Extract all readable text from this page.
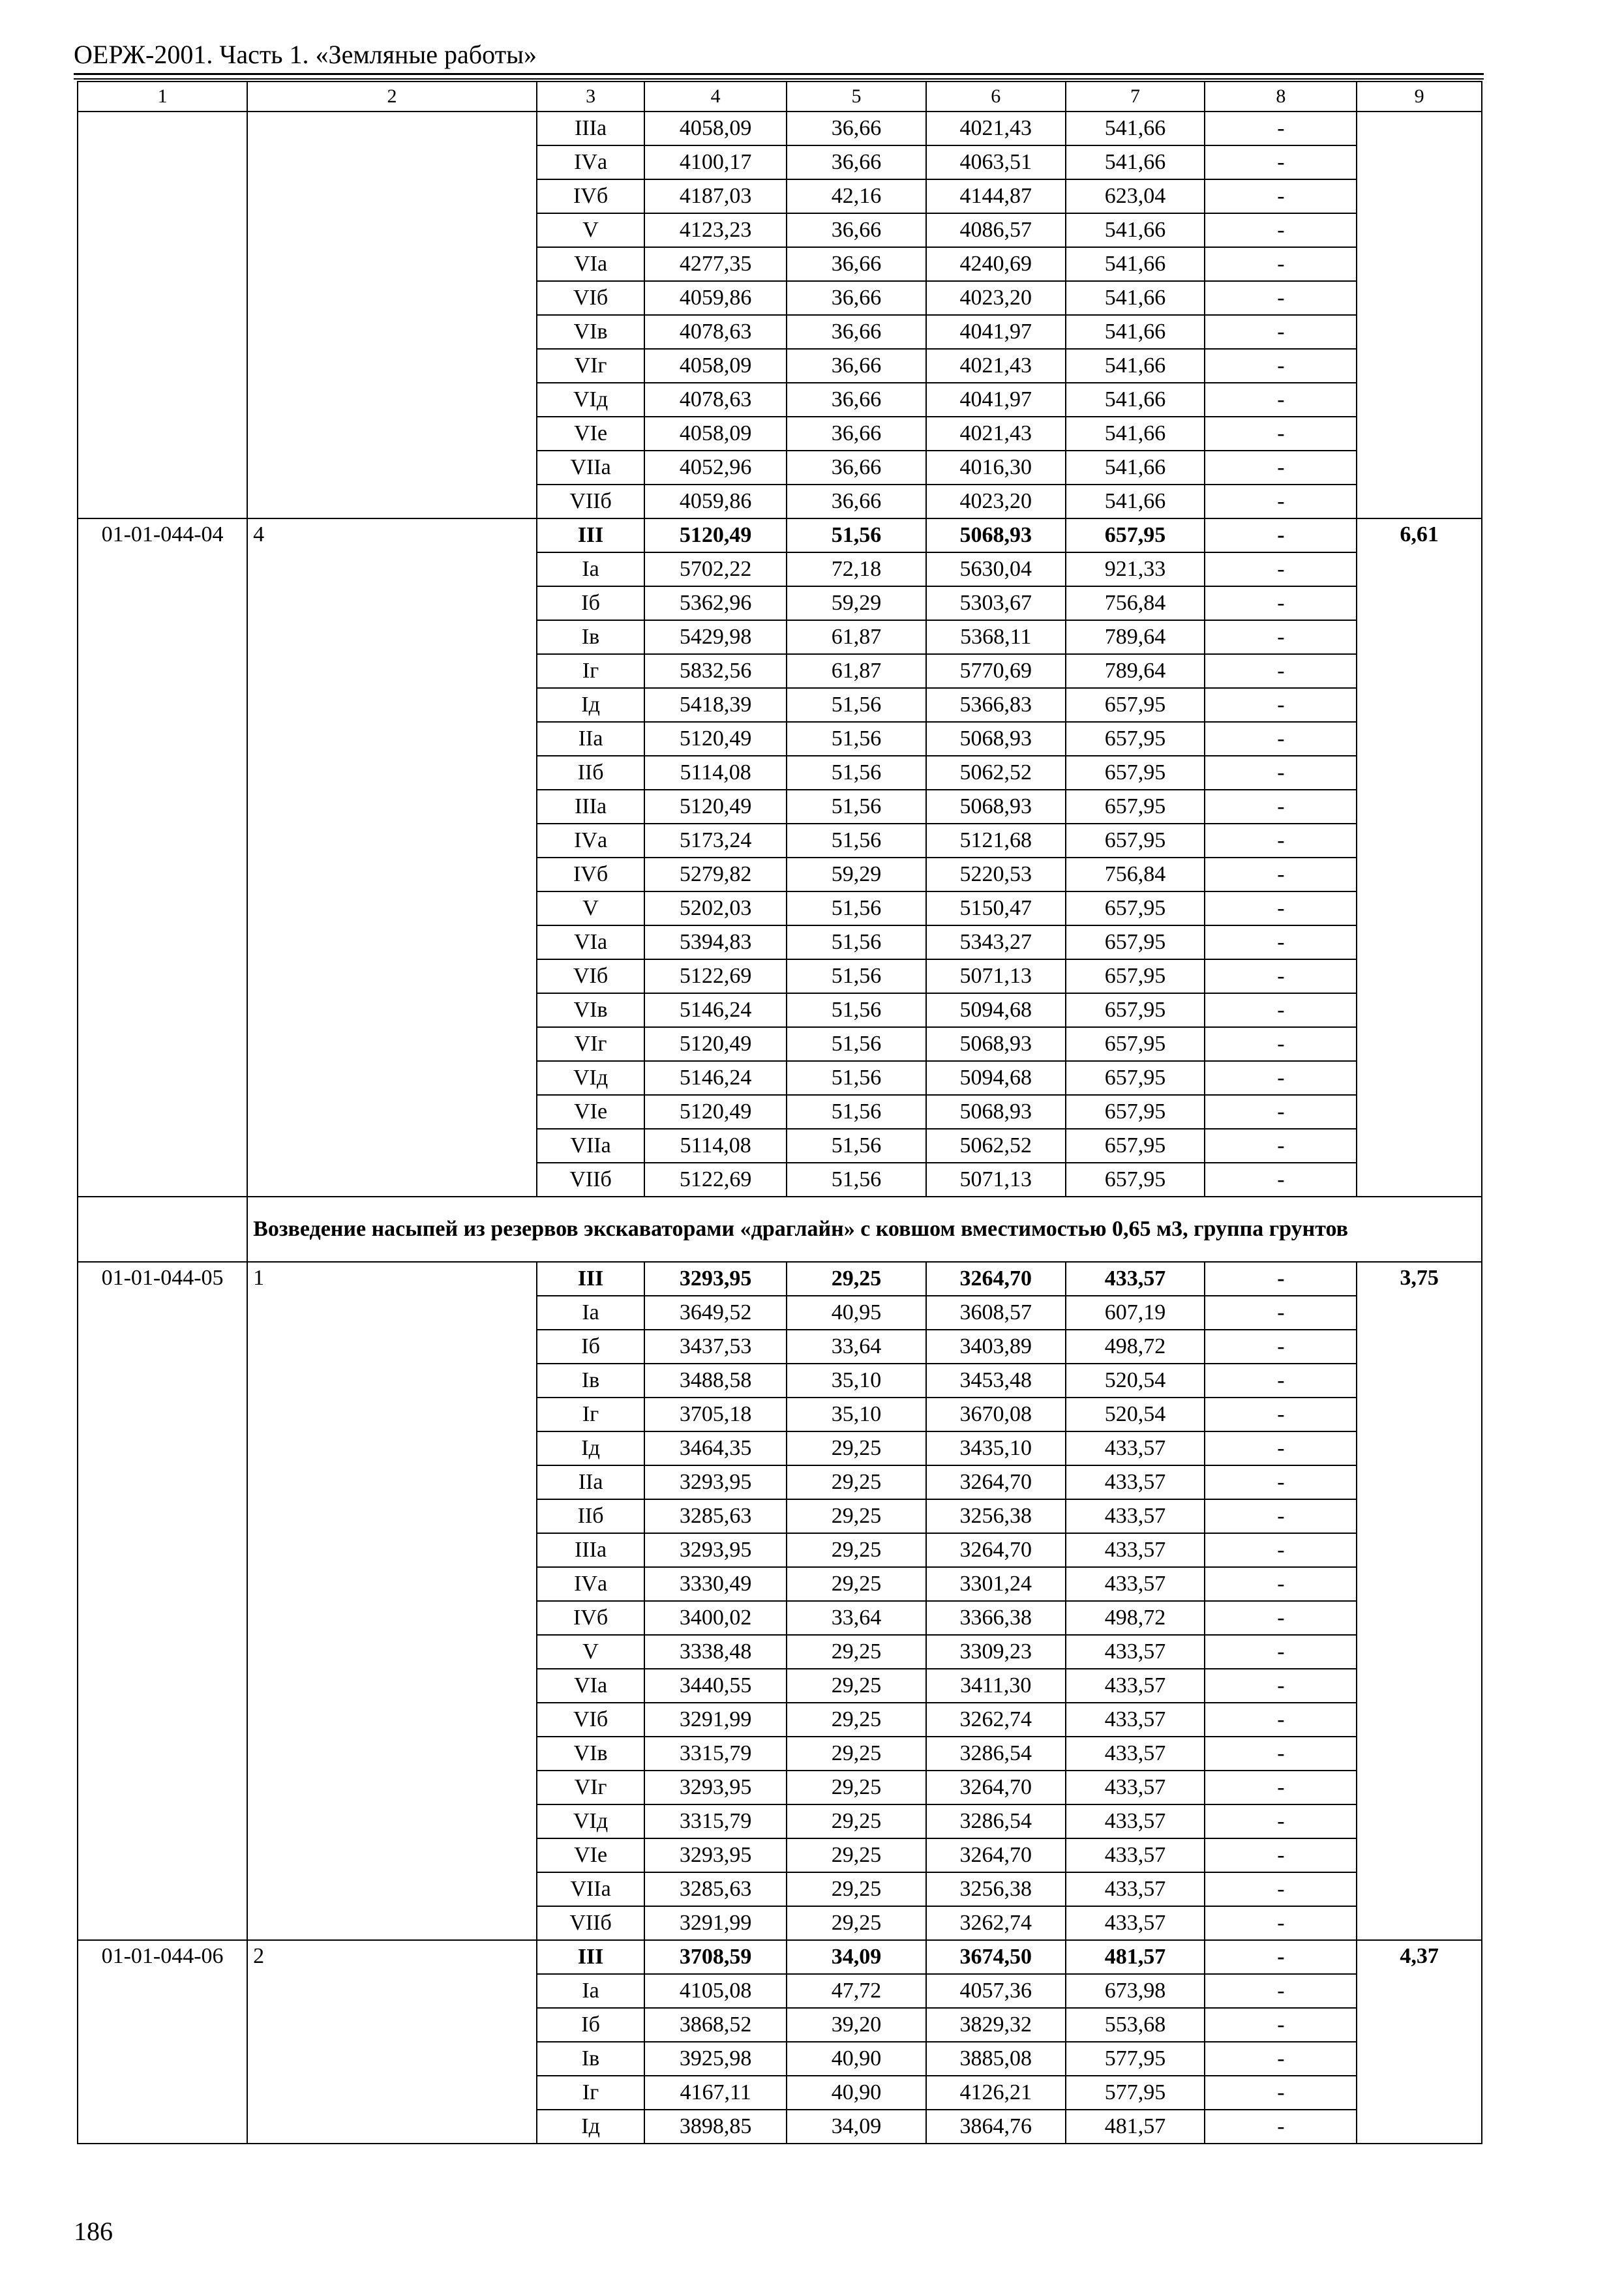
ОЕРЖ-2001. Часть 1. «Земляные работы»
1	2	3	4	5	6	7	8	9
		IIIа	4058,09	36,66	4021,43	541,66	-	
		IVа	4100,17	36,66	4063,51	541,66	-	
		IVб	4187,03	42,16	4144,87	623,04	-	
		V	4123,23	36,66	4086,57	541,66	-	
		VIа	4277,35	36,66	4240,69	541,66	-	
		VIб	4059,86	36,66	4023,20	541,66	-	
		VIв	4078,63	36,66	4041,97	541,66	-	
		VIг	4058,09	36,66	4021,43	541,66	-	
		VIд	4078,63	36,66	4041,97	541,66	-	
		VIе	4058,09	36,66	4021,43	541,66	-	
		VIIа	4052,96	36,66	4016,30	541,66	-	
		VIIб	4059,86	36,66	4023,20	541,66	-	
01-01-044-04	4	III	5120,49	51,56	5068,93	657,95	-	6,61
		Iа	5702,22	72,18	5630,04	921,33	-	
		Iб	5362,96	59,29	5303,67	756,84	-	
		Iв	5429,98	61,87	5368,11	789,64	-	
		Iг	5832,56	61,87	5770,69	789,64	-	
		Iд	5418,39	51,56	5366,83	657,95	-	
		IIа	5120,49	51,56	5068,93	657,95	-	
		IIб	5114,08	51,56	5062,52	657,95	-	
		IIIа	5120,49	51,56	5068,93	657,95	-	
		IVа	5173,24	51,56	5121,68	657,95	-	
		IVб	5279,82	59,29	5220,53	756,84	-	
		V	5202,03	51,56	5150,47	657,95	-	
		VIа	5394,83	51,56	5343,27	657,95	-	
		VIб	5122,69	51,56	5071,13	657,95	-	
		VIв	5146,24	51,56	5094,68	657,95	-	
		VIг	5120,49	51,56	5068,93	657,95	-	
		VIд	5146,24	51,56	5094,68	657,95	-	
		VIе	5120,49	51,56	5068,93	657,95	-	
		VIIа	5114,08	51,56	5062,52	657,95	-	
		VIIб	5122,69	51,56	5071,13	657,95	-	
	Возведение насыпей из резервов экскаваторами «драглайн» с ковшом вместимостью 0,65 м3, группа грунтов							
01-01-044-05	1	III	3293,95	29,25	3264,70	433,57	-	3,75
		Iа	3649,52	40,95	3608,57	607,19	-	
		Iб	3437,53	33,64	3403,89	498,72	-	
		Iв	3488,58	35,10	3453,48	520,54	-	
		Iг	3705,18	35,10	3670,08	520,54	-	
		Iд	3464,35	29,25	3435,10	433,57	-	
		IIа	3293,95	29,25	3264,70	433,57	-	
		IIб	3285,63	29,25	3256,38	433,57	-	
		IIIа	3293,95	29,25	3264,70	433,57	-	
		IVа	3330,49	29,25	3301,24	433,57	-	
		IVб	3400,02	33,64	3366,38	498,72	-	
		V	3338,48	29,25	3309,23	433,57	-	
		VIа	3440,55	29,25	3411,30	433,57	-	
		VIб	3291,99	29,25	3262,74	433,57	-	
		VIв	3315,79	29,25	3286,54	433,57	-	
		VIг	3293,95	29,25	3264,70	433,57	-	
		VIд	3315,79	29,25	3286,54	433,57	-	
		VIе	3293,95	29,25	3264,70	433,57	-	
		VIIа	3285,63	29,25	3256,38	433,57	-	
		VIIб	3291,99	29,25	3262,74	433,57	-	
01-01-044-06	2	III	3708,59	34,09	3674,50	481,57	-	4,37
		Iа	4105,08	47,72	4057,36	673,98	-	
		Iб	3868,52	39,20	3829,32	553,68	-	
		Iв	3925,98	40,90	3885,08	577,95	-	
		Iг	4167,11	40,90	4126,21	577,95	-	
		Iд	3898,85	34,09	3864,76	481,57	-	
186
